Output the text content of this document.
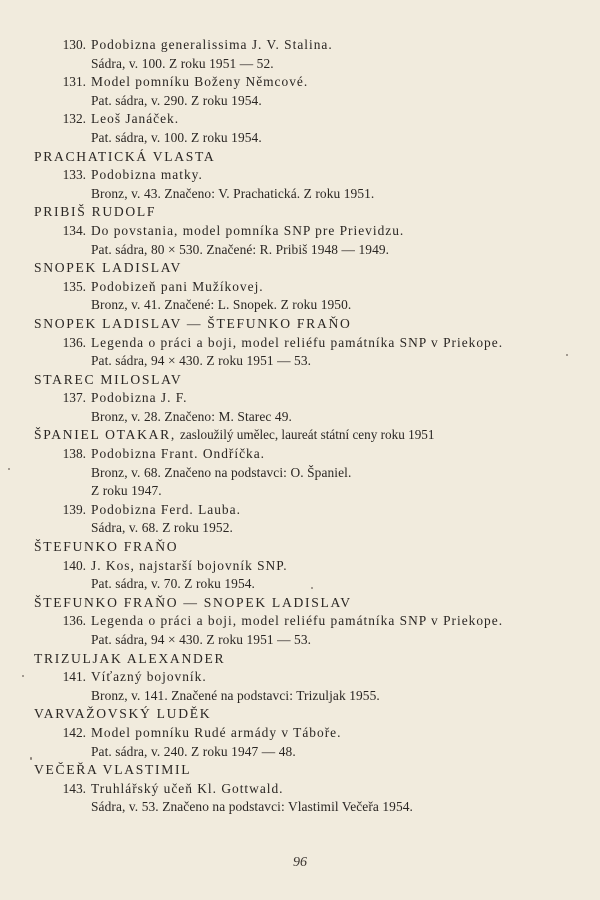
130. Podobizna generalissima J. V. Stalina.
Sádra, v. 100. Z roku 1951 — 52.
131. Model pomníku Boženy Němcové.
Pat. sádra, v. 290. Z roku 1954.
132. Leoš Janáček.
Pat. sádra, v. 100. Z roku 1954.
PRACHATICKÁ VLASTA
133. Podobizna matky.
Bronz, v. 43. Značeno: V. Prachatická. Z roku 1951.
PRIBIŠ RUDOLF
134. Do povstania, model pomníka SNP pre Prievidzu.
Pat. sádra, 80 × 530. Značené: R. Pribiš 1948 — 1949.
SNOPEK LADISLAV
135. Podobizeň pani Mužíkovej.
Bronz, v. 41. Značené: L. Snopek. Z roku 1950.
SNOPEK LADISLAV — ŠTEFUNKO FRAŇO
136. Legenda o práci a boji, model reliéfu památníka SNP v Priekope.
Pat. sádra, 94 × 430. Z roku 1951 — 53.
STAREC MILOSLAV
137. Podobizna J. F.
Bronz, v. 28. Značeno: M. Starec 49.
ŠPANIEL OTAKAR, zasloužilý umělec, laureát státní ceny roku 1951
138. Podobizna Frant. Ondříčka.
Bronz, v. 68. Značeno na podstavci: O. Španiel.
Z roku 1947.
139. Podobizna Ferd. Lauba.
Sádra, v. 68. Z roku 1952.
ŠTEFUNKO FRAŇO
140. J. Kos, najstarší bojovník SNP.
Pat. sádra, v. 70. Z roku 1954.
ŠTEFUNKO FRAŇO — SNOPEK LADISLAV
136. Legenda o práci a boji, model reliéfu památníka SNP v Priekope.
Pat. sádra, 94 × 430. Z roku 1951 — 53.
TRIZULJAK ALEXANDER
141. Víťazný bojovník.
Bronz, v. 141. Značené na podstavci: Trizuljak 1955.
VARVAŽOVSKÝ LUDĚK
142. Model pomníku Rudé armády v Táboře.
Pat. sádra, v. 240. Z roku 1947 — 48.
VEČEŘA VLASTIMIL
143. Truhlářský učeň Kl. Gottwald.
Sádra, v. 53. Značeno na podstavci: Vlastimil Večeřa 1954.
96
